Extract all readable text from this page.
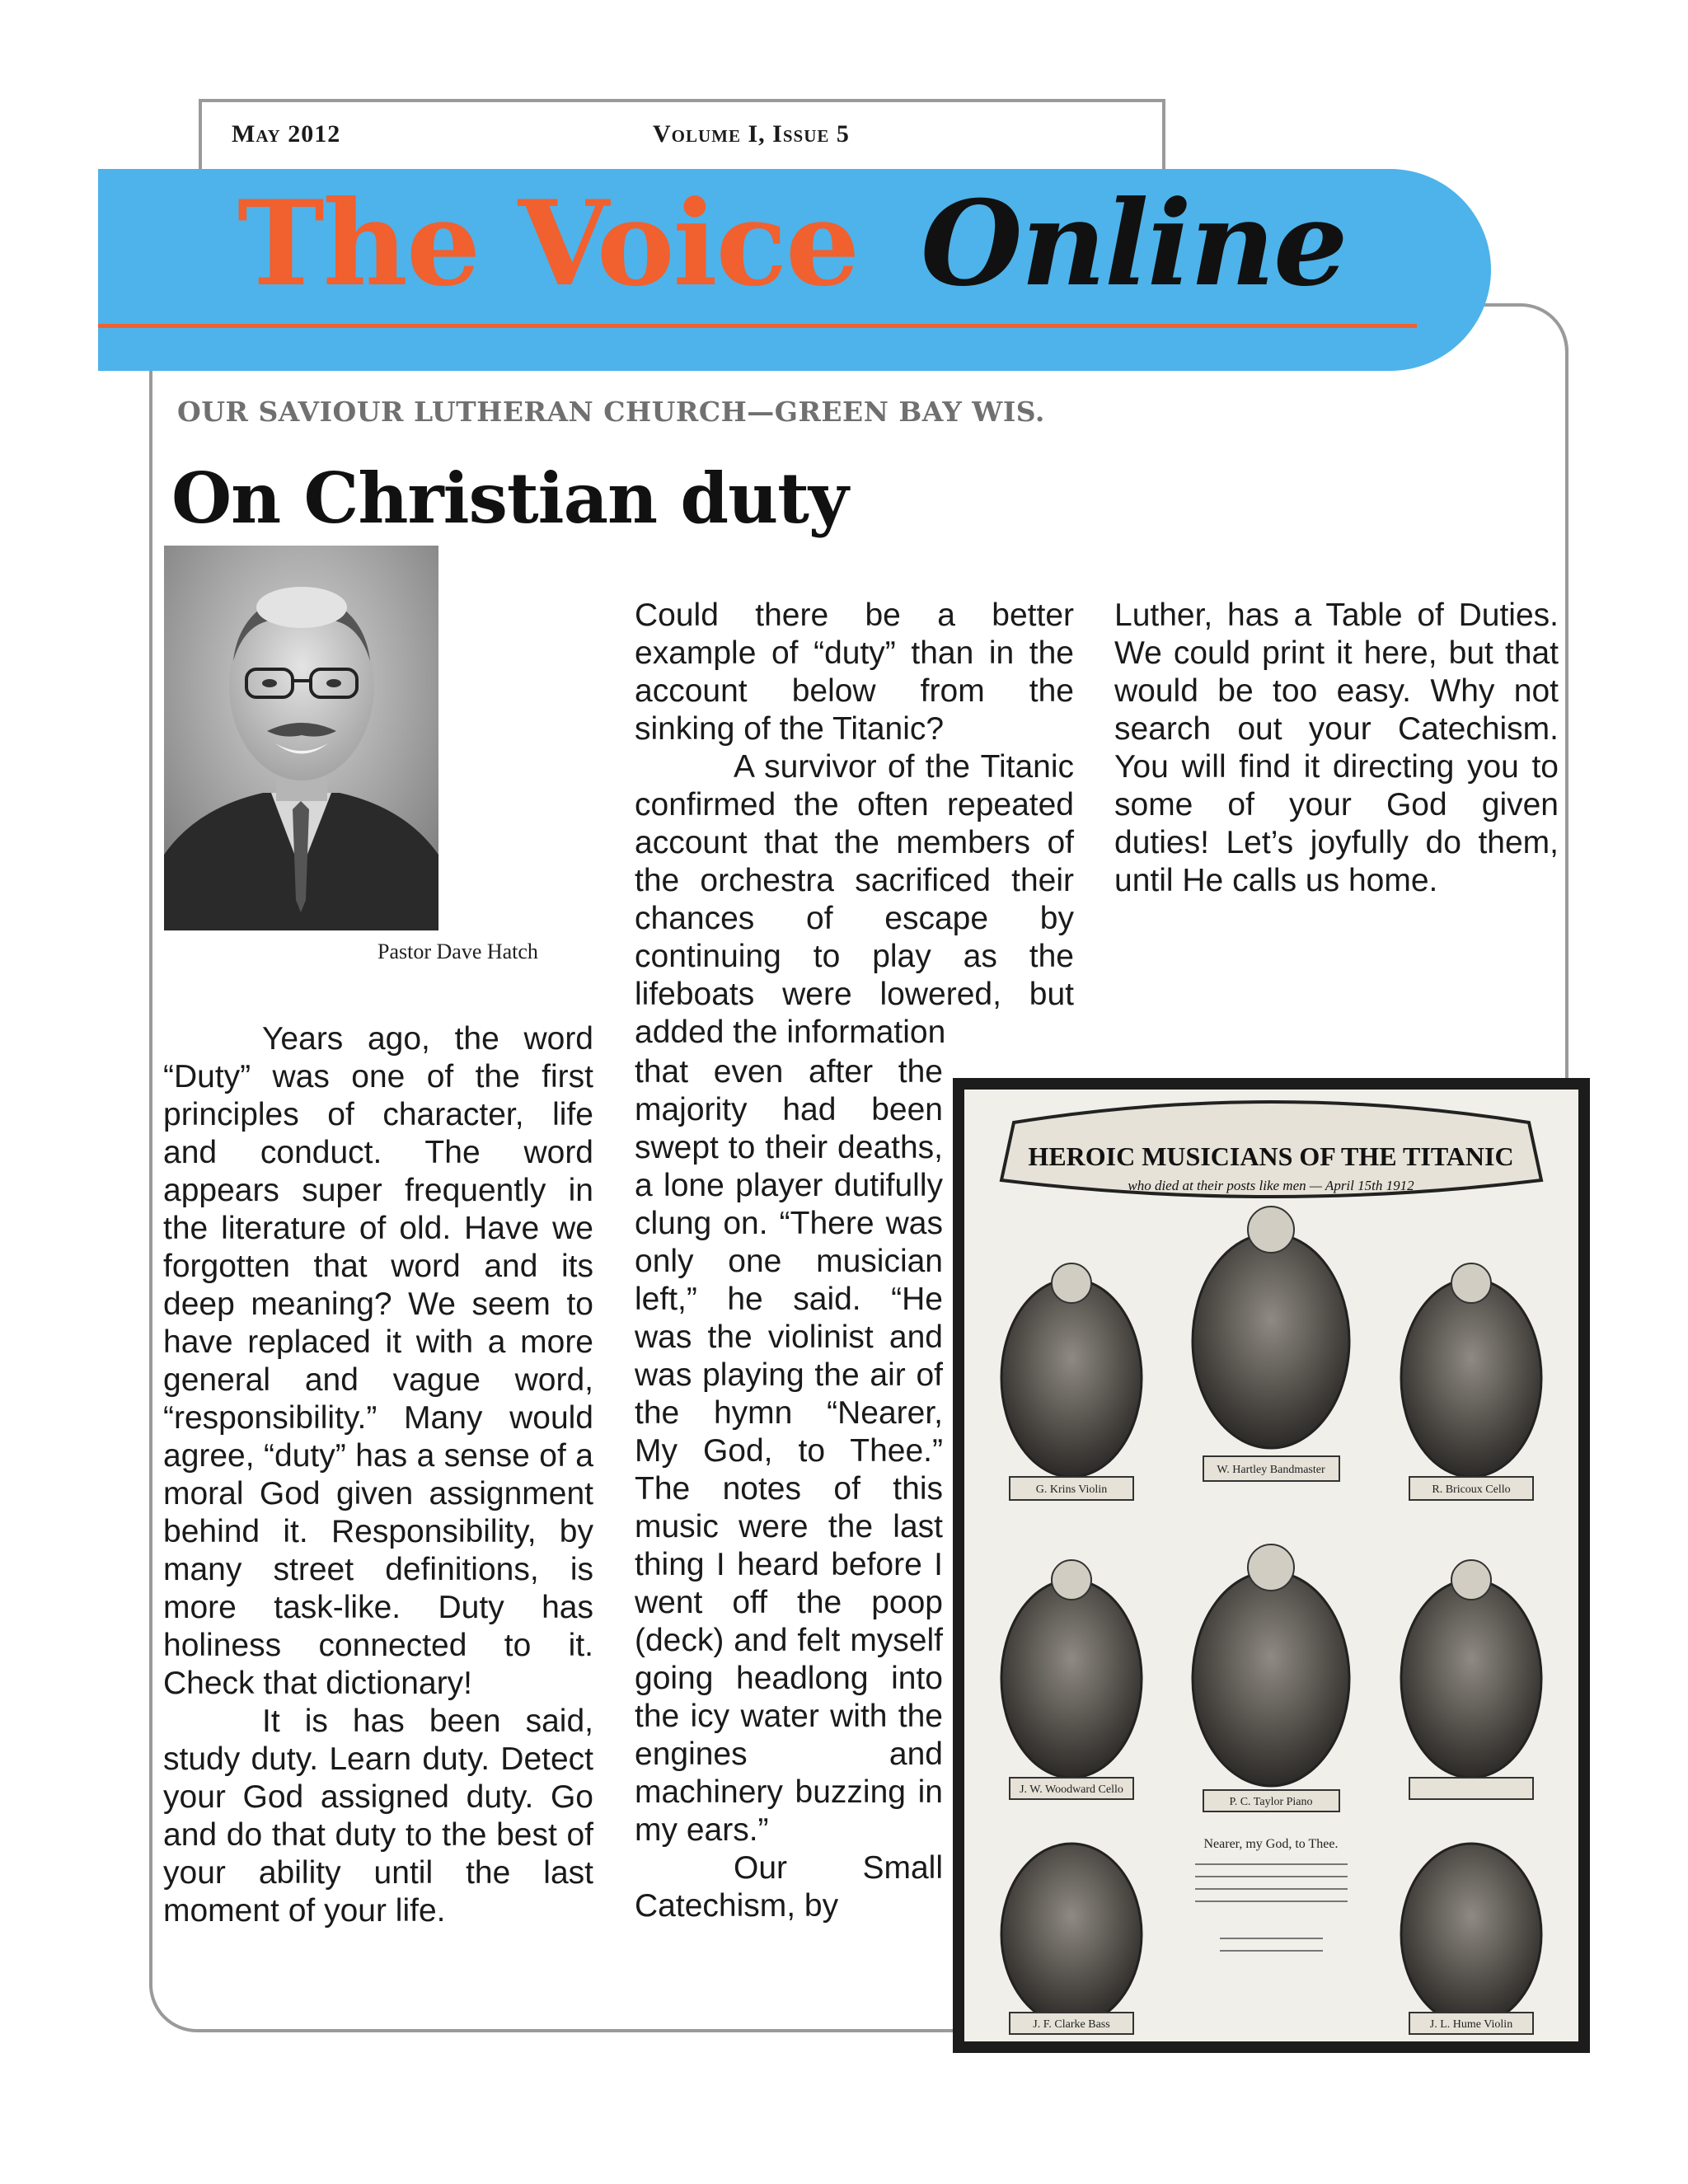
May 2012	Volume I, Issue 5
The Voice Online
OUR SAVIOUR LUTHERAN CHURCH—GREEN BAY WIS.
On Christian duty
Pastor Dave Hatch

Years ago, the word “Duty” was one of the first principles of character, life and conduct. The word appears super frequently in the literature of old. Have we forgotten that word and its deep meaning? We seem to have replaced it with a more general and vague word, “responsibility.” Many would agree, “duty” has a sense of a moral God given assignment behind it. Responsibility, by many street definitions, is more task-like. Duty has holiness connected to it. Check that dictionary!

It is has been said, study duty. Learn duty. Detect your God assigned duty. Go and do that duty to the best of your ability until the last moment of your life.

Could there be a better example of “duty” than in the account below from the sinking of the Titanic?

A survivor of the Titanic confirmed the often repeated account that the members of the orchestra sacrificed their chances of escape by continuing to play as the lifeboats were lowered, but added the information

that even after the majority had been swept to their deaths, a lone player dutifully clung on. “There was only one musician left,” he said. “He was the violinist and was playing the air of the hymn “Nearer, My God, to Thee.” The notes of this music were the last thing I heard before I went off the poop (deck) and felt myself going headlong into the icy water with the engines and machinery buzzing in my ears.”

Our Small Catechism, by

Luther, has a Table of Duties. We could print it here, but that would be too easy. Why not search out your Catechism. You will find it directing you to some of your God given duties! Let’s joyfully do them, until He calls us home.

HEROIC MUSICIANS OF THE TITANIC
who died at their posts like men — April 15th 1912
G. Krins Violin
W. Hartley Bandmaster
R. Bricoux Cello
J. W. Woodward Cello
P. C. Taylor Piano
J. F. Clarke Bass	J. L. Hume Violin
Nearer, my God, to Thee.
